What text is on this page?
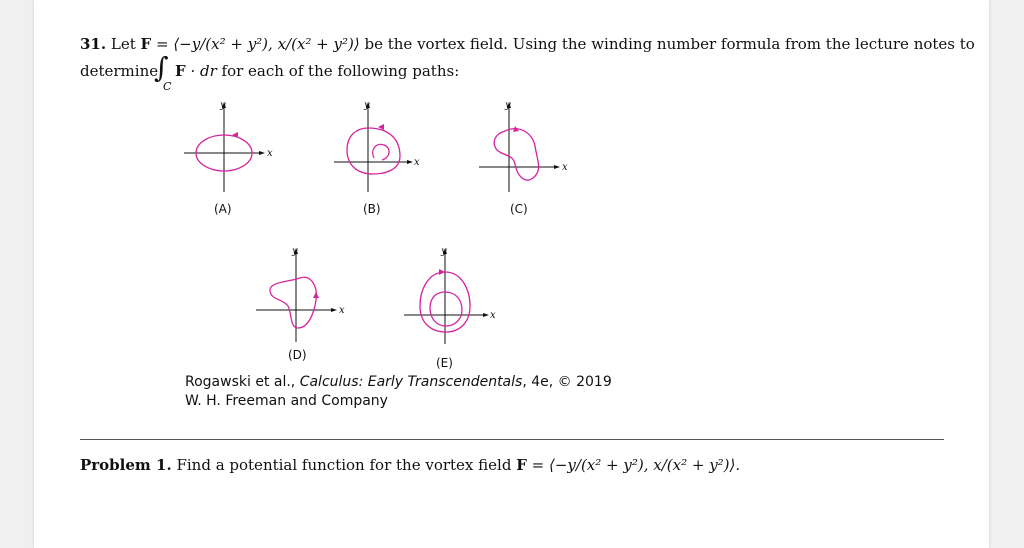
31. Let F = ⟨−y/(x² + y²), x/(x² + y²)⟩ be the vortex field. Using the winding number formula from the lecture notes to
determine
∫
C
F · dr for each of the following paths:
y
x
(A)
y
x
(B)
y
x
(C)
y
x
(D)
y
x
(E)
Rogawski et al., Calculus: Early Transcendentals, 4e, © 2019
W. H. Freeman and Company
Problem 1. Find a potential function for the vortex field F = ⟨−y/(x² + y²), x/(x² + y²)⟩.
